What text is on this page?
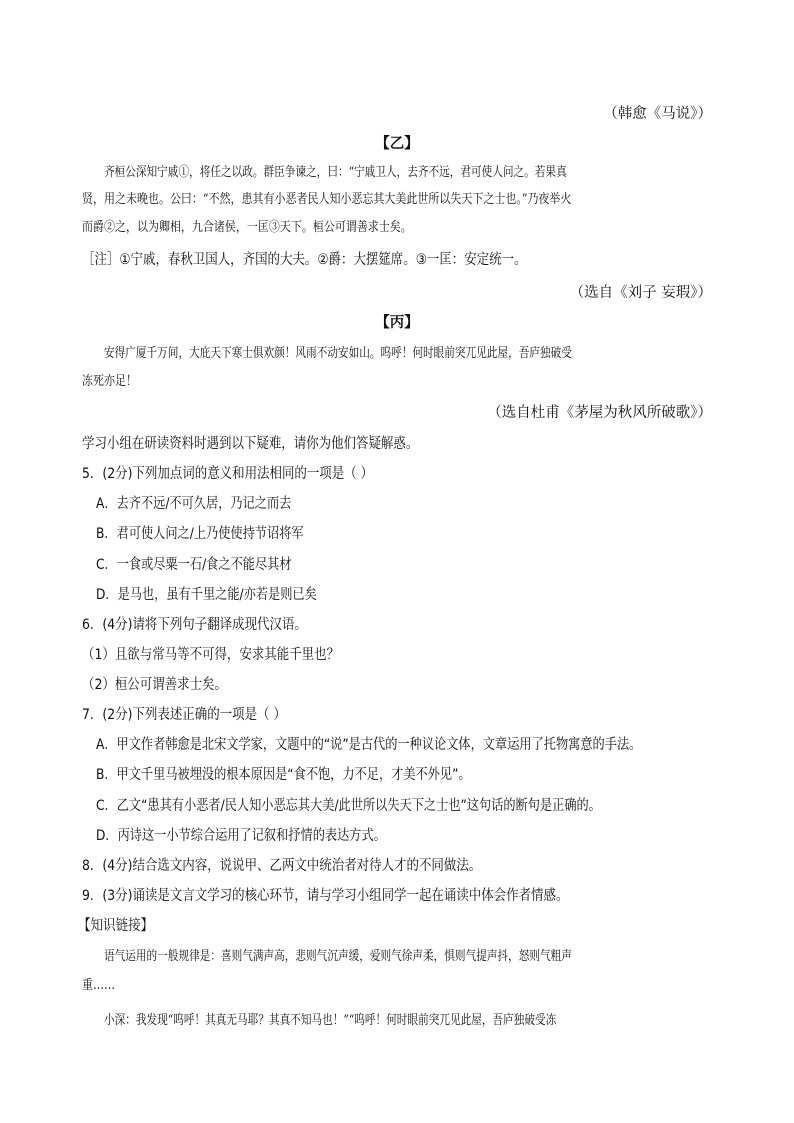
（韩愈《马说》）
【乙】
齐桓公深知宁戚①，将任之以政。群臣争谏之，曰：“宁戚卫人，去齐不远，君可使人问之。若果真
贤，用之未晚也。公曰：“不然，患其有小恶者民人知小恶忘其大美此世所以失天下之士也。”乃夜举火
而爵②之，以为卿相，九合诸侯，一匡③天下。桓公可谓善求士矣。
［注］①宁戚，春秋卫国人，齐国的大夫。②爵：大摆筵席。③一匡：安定统一。
（选自《刘子 妄瑕》）
【丙】
安得广厦千万间，大庇天下寒士俱欢颜！风雨不动安如山。呜呼！何时眼前突兀见此屋，吾庐独破受
冻死亦足！
（选自杜甫《茅屋为秋风所破歌》）
学习小组在研读资料时遇到以下疑难，请你为他们答疑解惑。
5．(2分)下列加点词的意义和用法相同的一项是（ ）
A．去齐不远/不可久居，乃记之而去
B．君可使人问之/上乃使使持节诏将军
C．一食或尽粟一石/食之不能尽其材
D．是马也，虽有千里之能/亦若是则已矣
6．(4分)请将下列句子翻译成现代汉语。
（1）且欲与常马等不可得，安求其能千里也？
（2）桓公可谓善求士矣。
7．(2分)下列表述正确的一项是（ ）
A．甲文作者韩愈是北宋文学家，文题中的“说”是古代的一种议论文体，文章运用了托物寓意的手法。
B．甲文千里马被埋没的根本原因是“食不饱，力不足，才美不外见”。
C．乙文“患其有小恶者/民人知小恶忘其大美/此世所以失天下之士也”这句话的断句是正确的。
D．丙诗这一小节综合运用了记叙和抒情的表达方式。
8．(4分)结合选文内容，说说甲、乙两文中统治者对待人才的不同做法。
9．(3分)诵读是文言文学习的核心环节，请与学习小组同学一起在诵读中体会作者情感。
【知识链接】
语气运用的一般规律是：喜则气满声高，悲则气沉声缓，爱则气徐声柔，惧则气提声抖，怒则气粗声
重……
小深：我发现“呜呼！其真无马耶？其真不知马也！”“呜呼！何时眼前突兀见此屋，吾庐独破受冻
